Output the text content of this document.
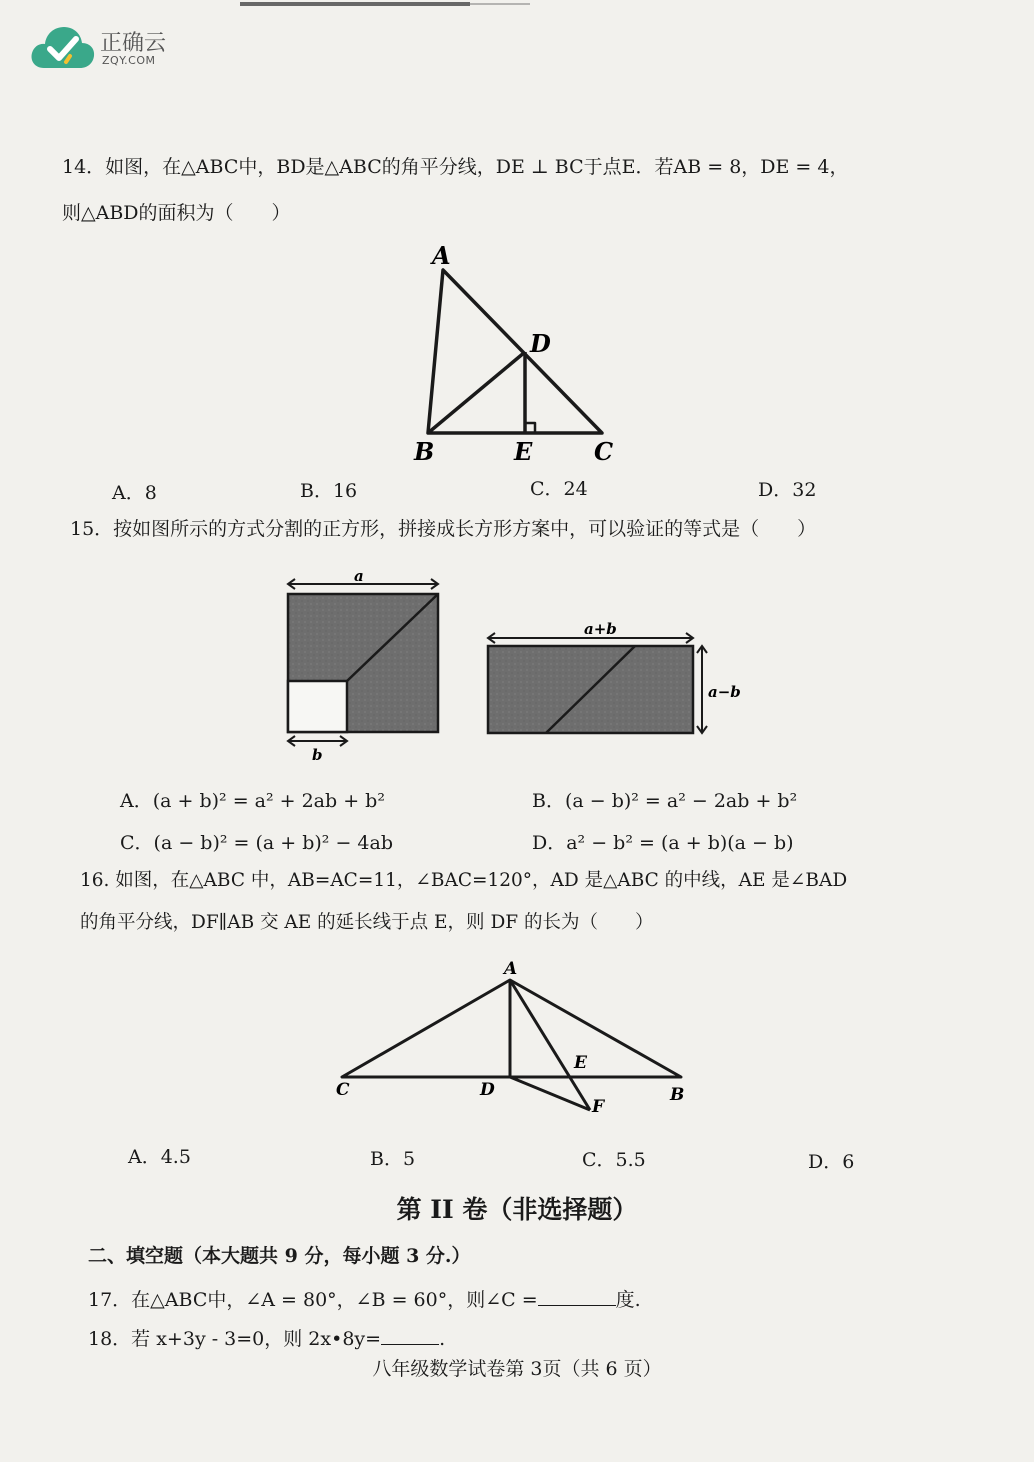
正确云
ZQY.COM
14．如图，在△ABC中，BD是△ABC的角平分线，DE ⊥ BC于点E．若AB = 8，DE = 4，
则△ABD的面积为（　　）
A
D
B	E	C
A．8	B．16	C．24	D．32
15．按如图所示的方式分割的正方形，拼接成长方形方案中，可以验证的等式是（　　）
a
b
a+b
a−b
A．(a + b)² = a² + 2ab + b²	B．(a − b)² = a² − 2ab + b²
C．(a − b)² = (a + b)² − 4ab	D．a² − b² = (a + b)(a − b)
16. 如图，在△ABC 中，AB=AC=11，∠BAC=120°，AD 是△ABC 的中线，AE 是∠BAD
的角平分线，DF∥AB 交 AE 的延长线于点 E，则 DF 的长为（　　）
A
C	D
E
F
B
A．4.5	B．5	C．5.5	D．6
第 II 卷（非选择题）
二、填空题（本大题共 9 分，每小题 3 分.）
17．在△ABC中，∠A = 80°，∠B = 60°，则∠C =	度.
18．若 x+3y - 3=0，则 2x•8y=	.
八年级数学试卷第 3页（共 6 页）
